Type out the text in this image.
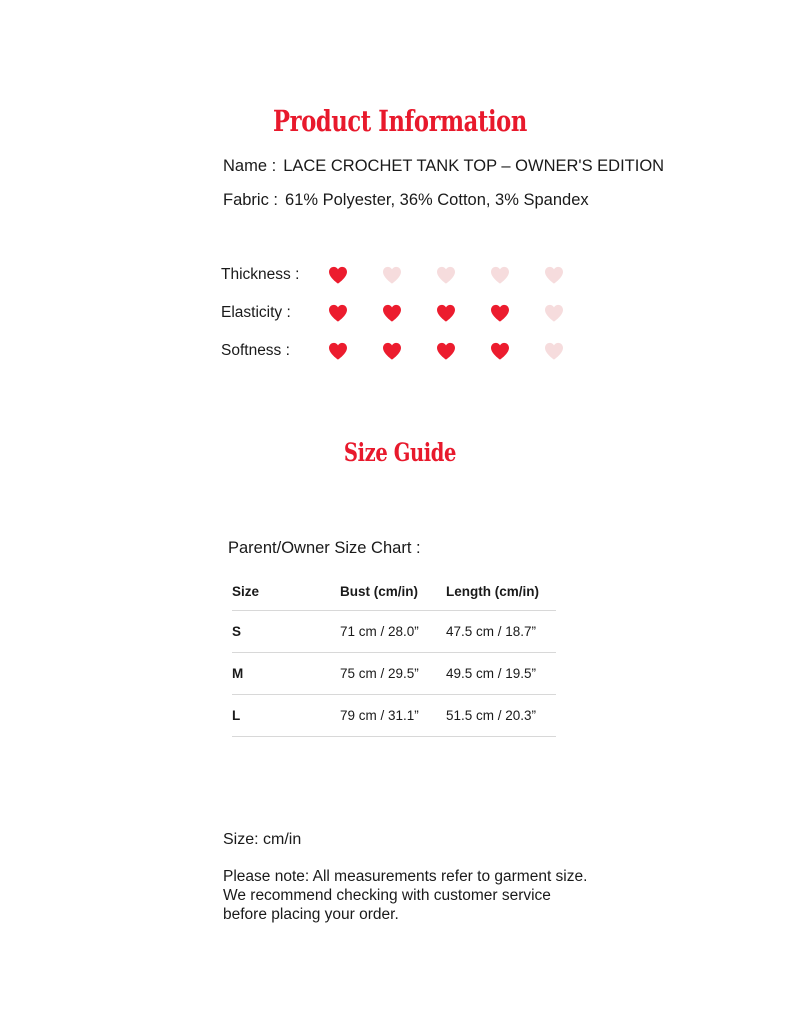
Product Information
Name : LACE CROCHET TANK TOP – OWNER'S EDITION
Fabric : 61% Polyester, 36% Cotton, 3% Spandex
Thickness :
Elasticity :
Softness :
Size Guide
Parent/Owner Size Chart :
Size	Bust (cm/in)	Length (cm/in)
S	71 cm / 28.0”	47.5 cm / 18.7”
M	75 cm / 29.5”	49.5 cm / 19.5”
L	79 cm / 31.1”	51.5 cm / 20.3”
Size: cm/in
Please note: All measurements refer to garment size. We recommend checking with customer service before placing your order.
